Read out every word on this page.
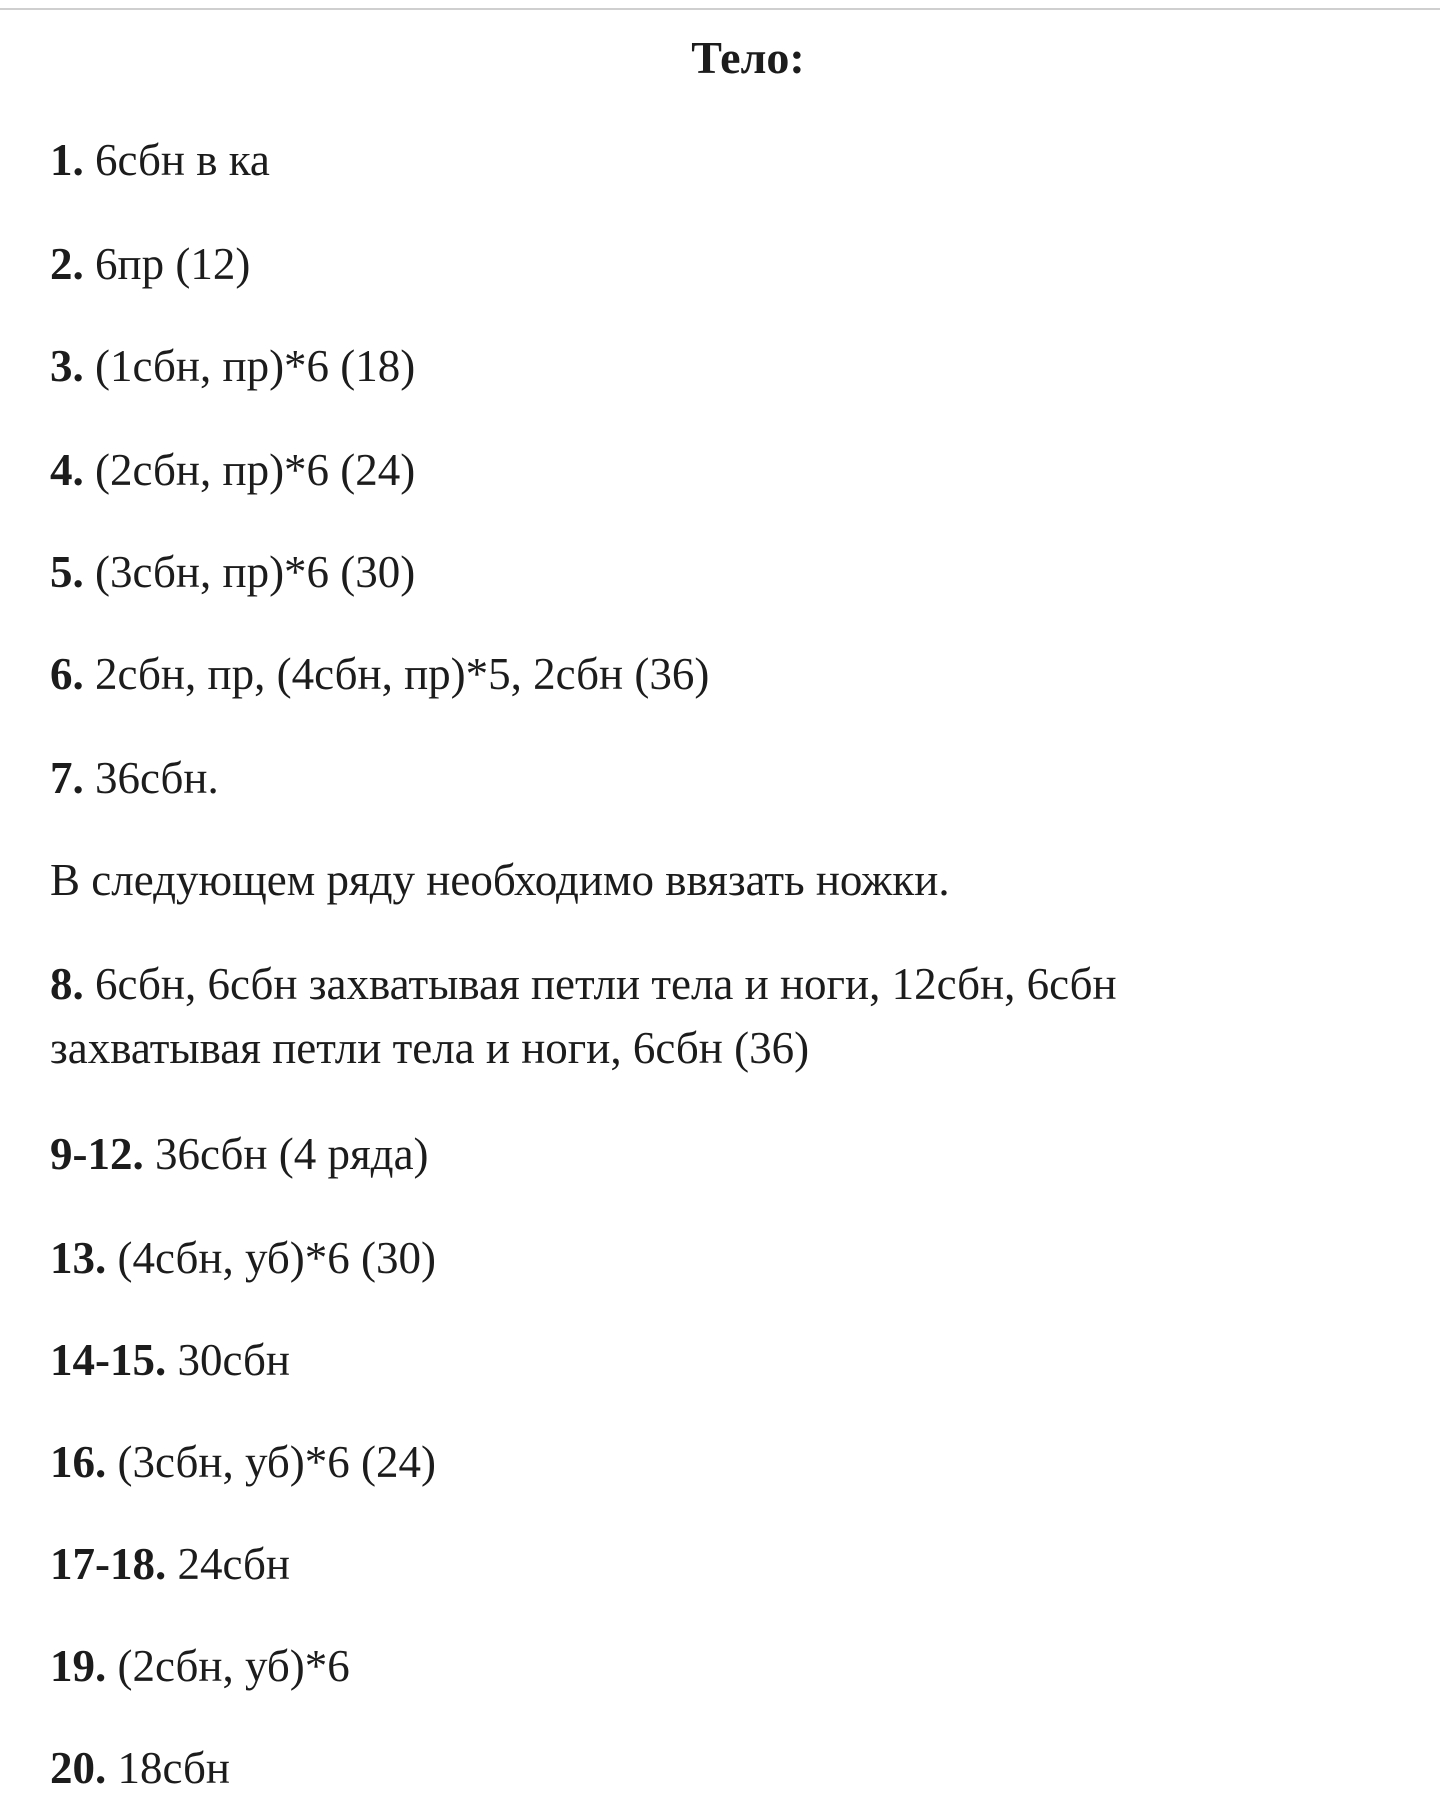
Тело:
1. 6сбн в ка
2. 6пр (12)
3. (1сбн, пр)*6 (18)
4. (2сбн, пр)*6 (24)
5. (3сбн, пр)*6 (30)
6. 2сбн, пр, (4сбн, пр)*5, 2сбн (36)
7. 36сбн.
В следующем ряду необходимо ввязать ножки.
8. 6сбн, 6сбн захватывая петли тела и ноги, 12сбн, 6сбн
захватывая петли тела и ноги, 6сбн (36)
9-12. 36сбн (4 ряда)
13. (4сбн, уб)*6 (30)
14-15. 30сбн
16. (3сбн, уб)*6 (24)
17-18. 24сбн
19. (2сбн, уб)*6
20. 18сбн
